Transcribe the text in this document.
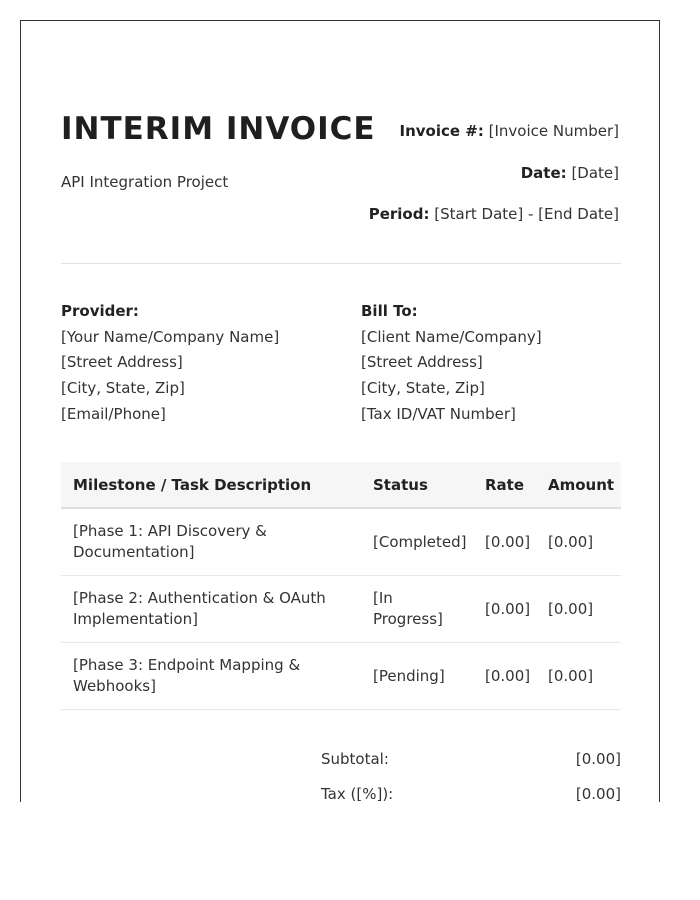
INTERIM INVOICE
API Integration Project
Invoice #: [Invoice Number]
Date: [Date]
Period: [Start Date] - [End Date]
Provider:
[Your Name/Company Name]
[Street Address]
[City, State, Zip]
[Email/Phone]
Bill To:
[Client Name/Company]
[Street Address]
[City, State, Zip]
[Tax ID/VAT Number]
Milestone / Task Description	Status	Rate	Amount
[Phase 1: API Discovery & Documentation]	[Completed]	[0.00]	[0.00]
[Phase 2: Authentication & OAuth Implementation]	[In Progress]	[0.00]	[0.00]
[Phase 3: Endpoint Mapping & Webhooks]	[Pending]	[0.00]	[0.00]
Subtotal:	[0.00]
Tax ([%]):	[0.00]
